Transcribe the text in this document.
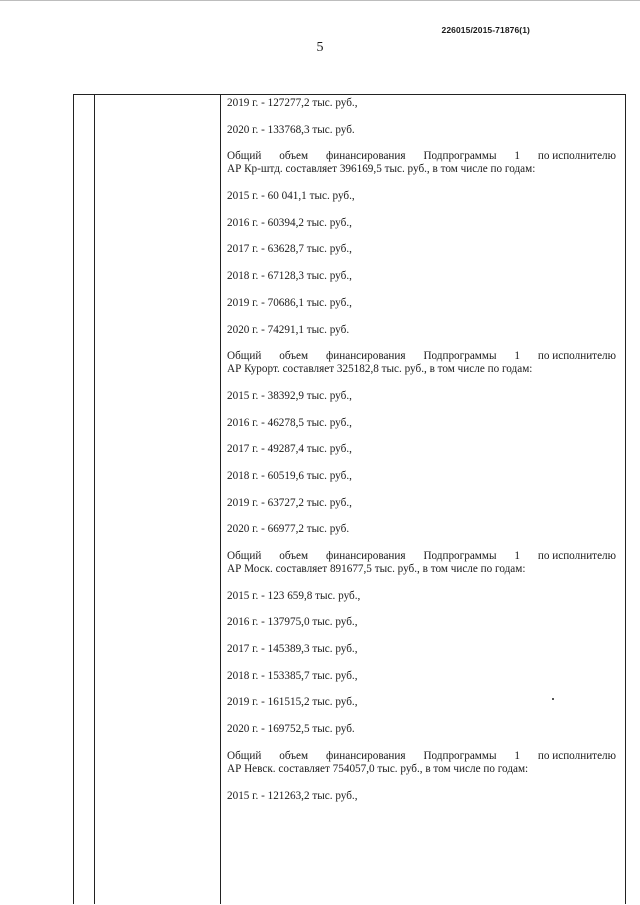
226015/2015-71876(1)
5
2019 г. - 127277,2 тыс. руб.,
2020 г. - 133768,3 тыс. руб.
Общий объем финансирования Подпрограммы 1 по исполнителю
АР Кр-штд. составляет 396169,5 тыс. руб., в том числе по годам:
2015 г. - 60 041,1 тыс. руб.,
2016 г. - 60394,2 тыс. руб.,
2017 г. - 63628,7 тыс. руб.,
2018 г. - 67128,3 тыс. руб.,
2019 г. - 70686,1 тыс. руб.,
2020 г. - 74291,1 тыс. руб.
Общий объем финансирования Подпрограммы 1 по исполнителю
АР Курорт. составляет 325182,8 тыс. руб., в том числе по годам:
2015 г. - 38392,9 тыс. руб.,
2016 г. - 46278,5 тыс. руб.,
2017 г. - 49287,4 тыс. руб.,
2018 г. - 60519,6 тыс. руб.,
2019 г. - 63727,2 тыс. руб.,
2020 г. - 66977,2 тыс. руб.
Общий объем финансирования Подпрограммы 1 по исполнителю
АР Моск. составляет 891677,5 тыс. руб., в том числе по годам:
2015 г. - 123 659,8 тыс. руб.,
2016 г. - 137975,0 тыс. руб.,
2017 г. - 145389,3 тыс. руб.,
2018 г. - 153385,7 тыс. руб.,
2019 г. - 161515,2 тыс. руб.,
2020 г. - 169752,5 тыс. руб.
Общий объем финансирования Подпрограммы 1 по исполнителю
АР Невск. составляет 754057,0 тыс. руб., в том числе по годам:
2015 г. - 121263,2 тыс. руб.,
